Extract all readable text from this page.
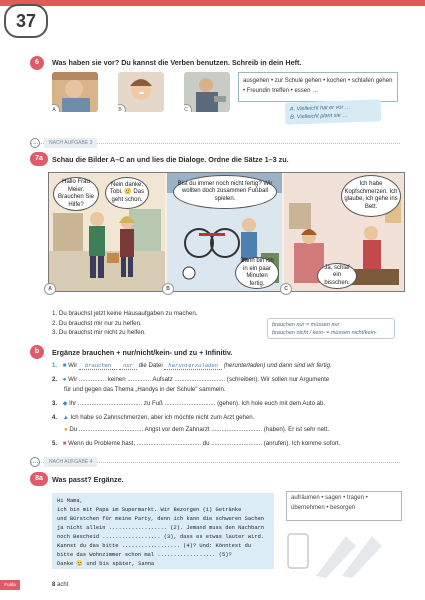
37
6	Was haben sie vor? Du kannst die Verben benutzen. Schreib in dein Heft.
A	B	C
ausgehen • zur Schule gehen • kochen • schlafen gehen • Freundin treffen • essen …
A. Vielleicht hat er vor …
B. Vielleicht plant sie …
↓	NACH AUFGABE 3
7a	Schau die Bilder A–C an und lies die Dialoge. Ordne die Sätze 1–3 zu.
Hallo Frau Meier. Brauchen Sie Hilfe?
Nein danke, Tobi. 🙂 Das geht schon.
Bist du immer noch nicht fertig? Wir wollten doch zusammen Fußball spielen.
Dann bin ich in ein paar Minuten fertig.
Ich habe Kopfschmerzen. Ich glaube, ich gehe ins Bett.
Ja, schlaf ein bisschen.
A	B	C
1. Du brauchst jetzt keine Hausaufgaben zu machen.
2. Du brauchst mir nur zu helfen.
3. Du brauchst mir nicht zu helfen.
brauchen nur = müssen nur
brauchen nicht / kein- = müssen nicht/kein-
b	Ergänze brauchen + nur/nicht/kein- und zu + Infinitiv.
1. ■ Wir brauchen nur die Datei herunterzuladen (herunterladen) und dann sind wir fertig.
2. ● Wir ................ keinen .............. Aufsatz .............................. (schreiben). Wir sollen nur Argumente
für und gegen das Thema „Handys in der Schule" sammeln.
3. ◆ Ihr ...................................... zu Fuß .............................. (gehen). Ich hole euch mit dem Auto ab.
4. ▲ Ich habe so Zahnschmerzen, aber ich möchte nicht zum Arzt gehen.
● Du ...................................... Angst vor dem Zahnarzt .............................. (haben). Er ist sehr nett.
5. ■ Wenn du Probleme hast, ...................................... du .............................. (anrufen). Ich komme sofort.
↓	NACH AUFGABE 4
8a	Was passt? Ergänze.
Hi Mama,
ich bin mit Papa im Supermarkt. Wir Bezorgen (1) Getränke
und Bürstchen für meine Party, denn ich kann die schweren Sachen
ja nicht allein .................. (2). Jemand muss den Nachbarn
noch Bescheid .................. (3), dass es etwas lauter wird.
Kannst du das bitte .................. (4)? Und: Könntest du
bitte das Wohnzimmer schon mal .................. (5)?
Danke 🙂 und bis später, Sanna
aufräumen • sagen • tragen • übernehmen • besorgen
Fulda	8 acht
